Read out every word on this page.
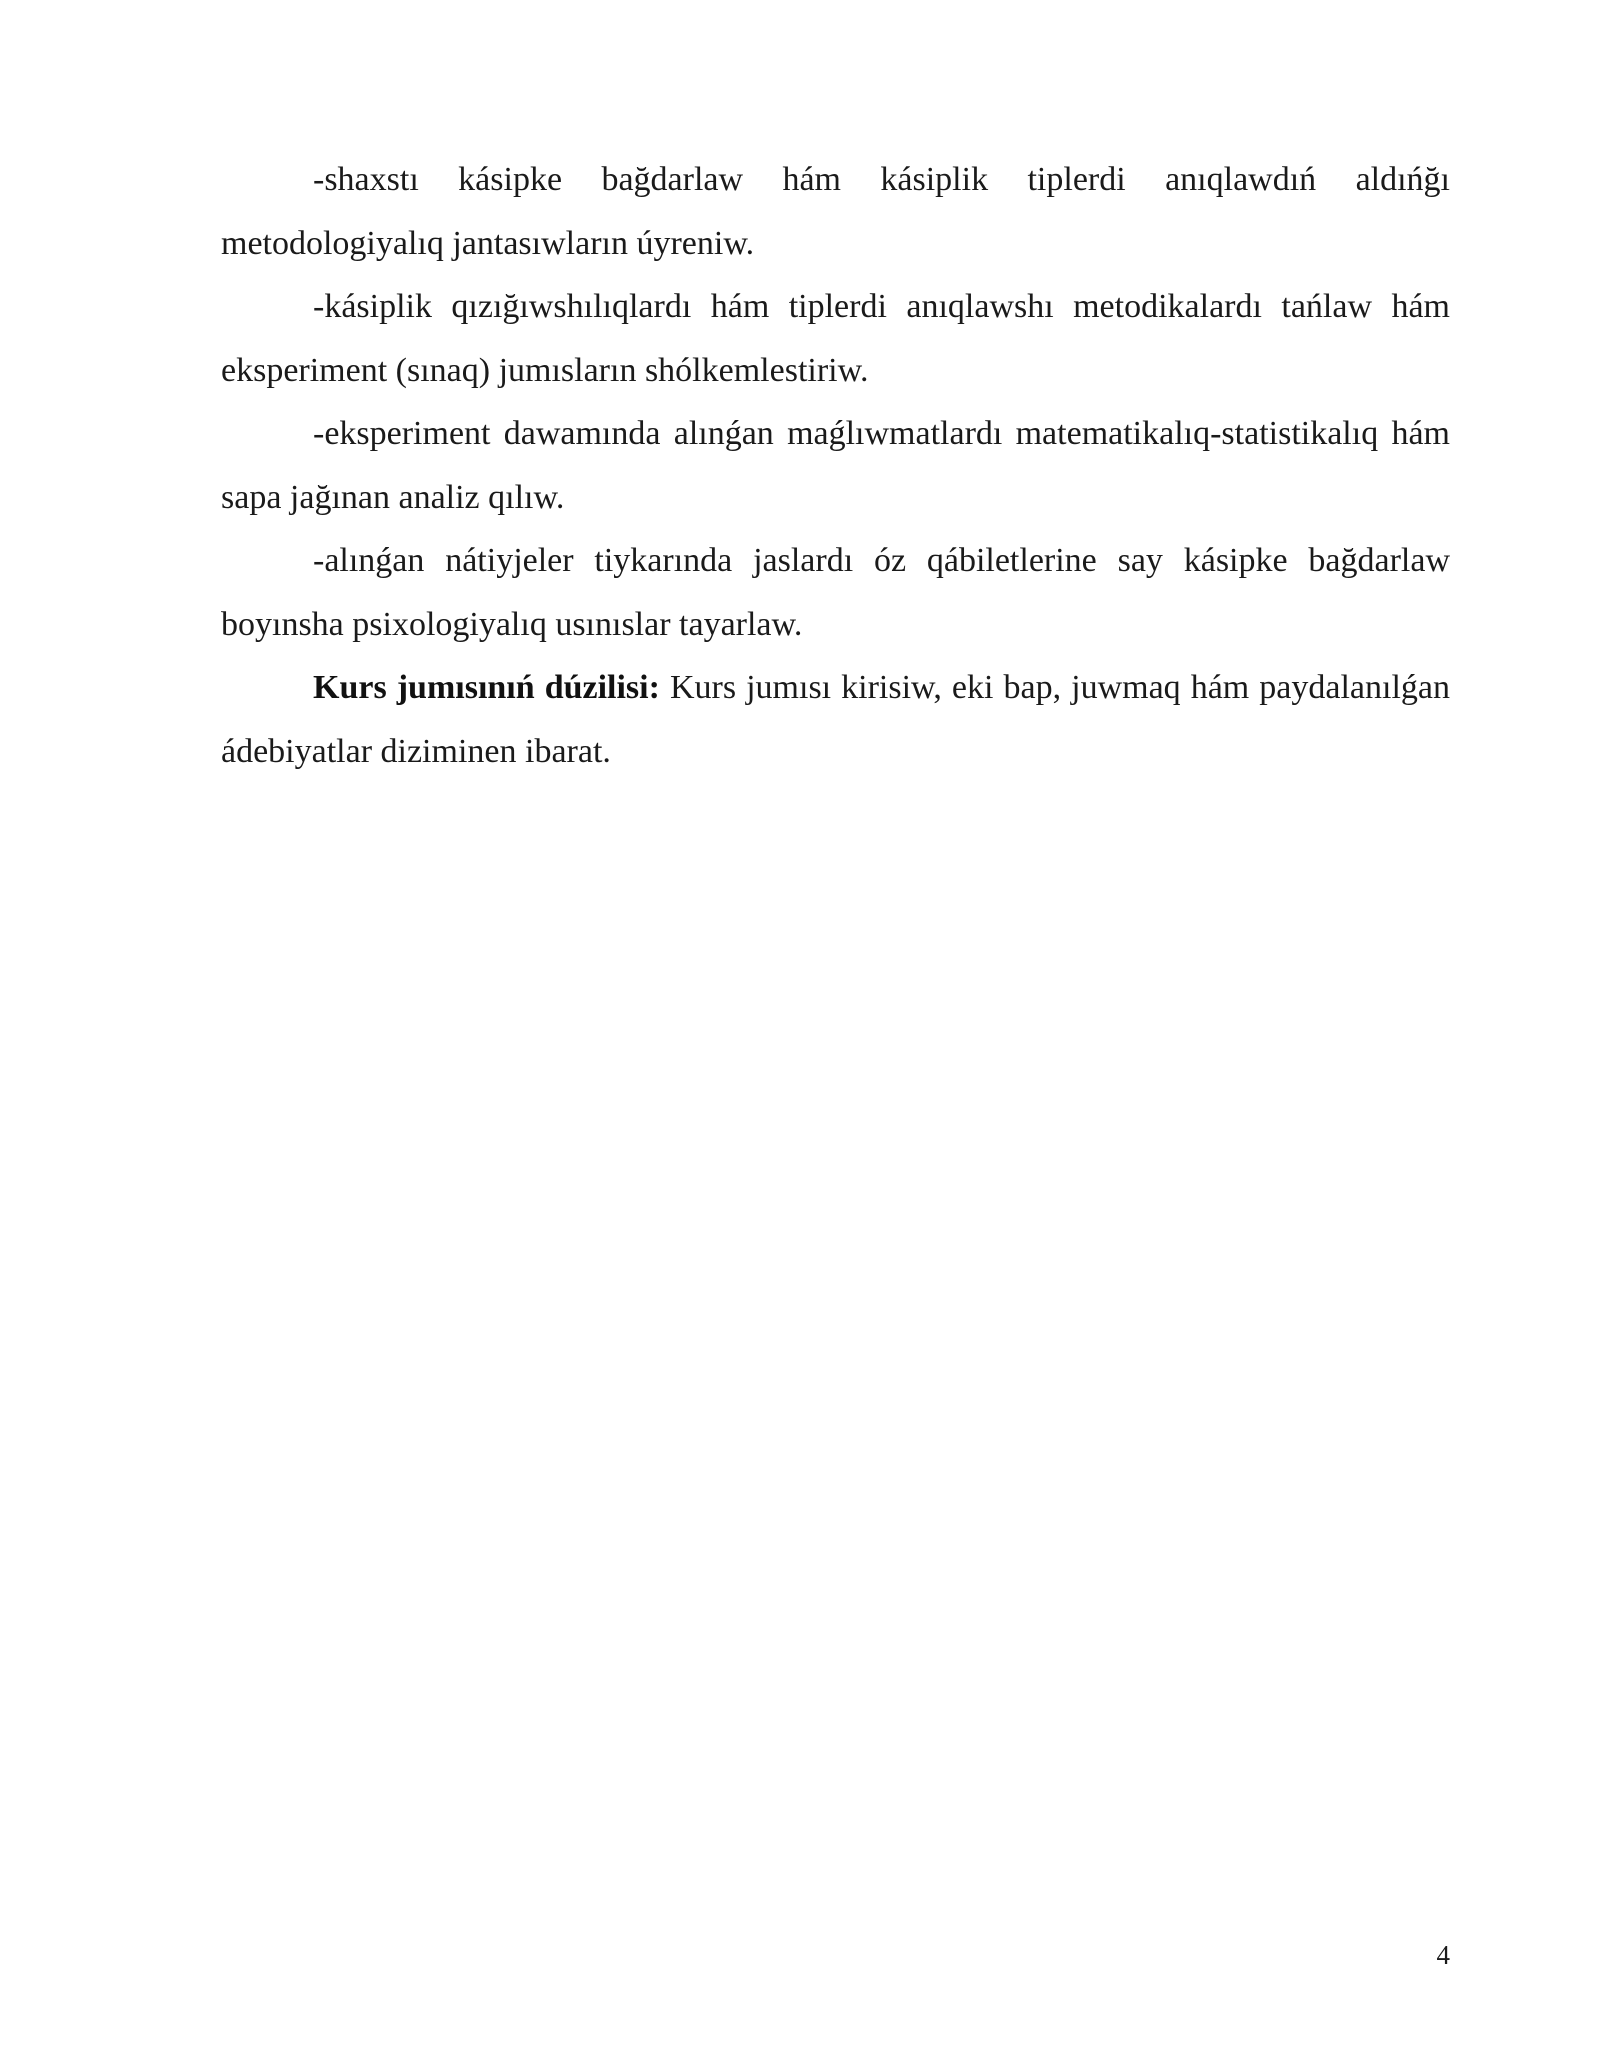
-shaxstı kásipke bağdarlaw hám kásiplik tiplerdi anıqlawdıń aldıńğı metodologiyalıq jantasıwların úyreniw.

-kásiplik qızığıwshılıqlardı hám tiplerdi anıqlawshı metodikalardı tańlaw hám eksperiment (sınaq) jumısların shólkemlestiriw.

-eksperiment dawamında alınǵan maǵlıwmatlardı matematikalıq-statistikalıq hám sapa jağınan analiz qılıw.

-alınǵan nátiyjeler tiykarında jaslardı óz qábiletlerine say kásipke bağdarlaw boyınsha psixologiyalıq usınıslar tayarlaw.

Kurs jumısınıń dúzilisi: Kurs jumısı kirisiw, eki bap, juwmaq hám paydalanılǵan ádebiyatlar diziminen ibarat.

4
